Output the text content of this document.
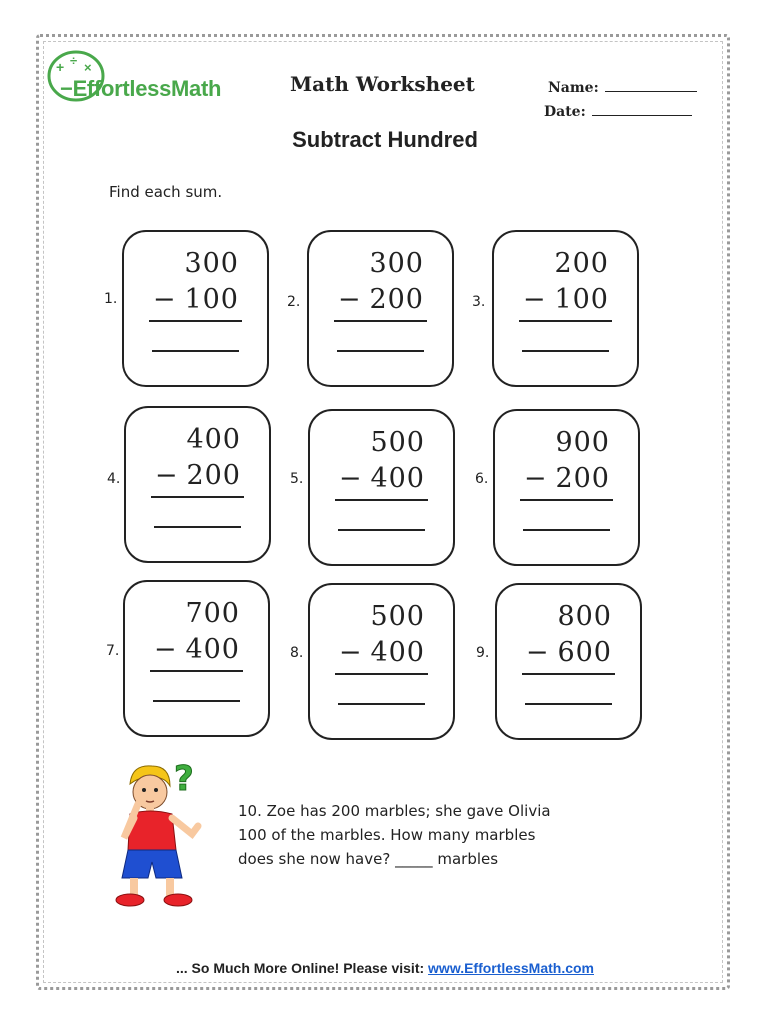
+ ÷ ×
−EffortlessMath	Math Worksheet	Name:
Date:
Subtract Hundred
Find each sum.
1.
300
− 100	2.
300
− 200	3.
200
− 100
4.
400
− 200	5.
500
− 400	6.
900
− 200
7.
700
− 400	8.
500
− 400	9.
800
− 600
?
10. Zoe has 200 marbles; she gave Olivia
100 of the marbles. How many marbles
does she now have? _____ marbles
... So Much More Online! Please visit: www.EffortlessMath.com
